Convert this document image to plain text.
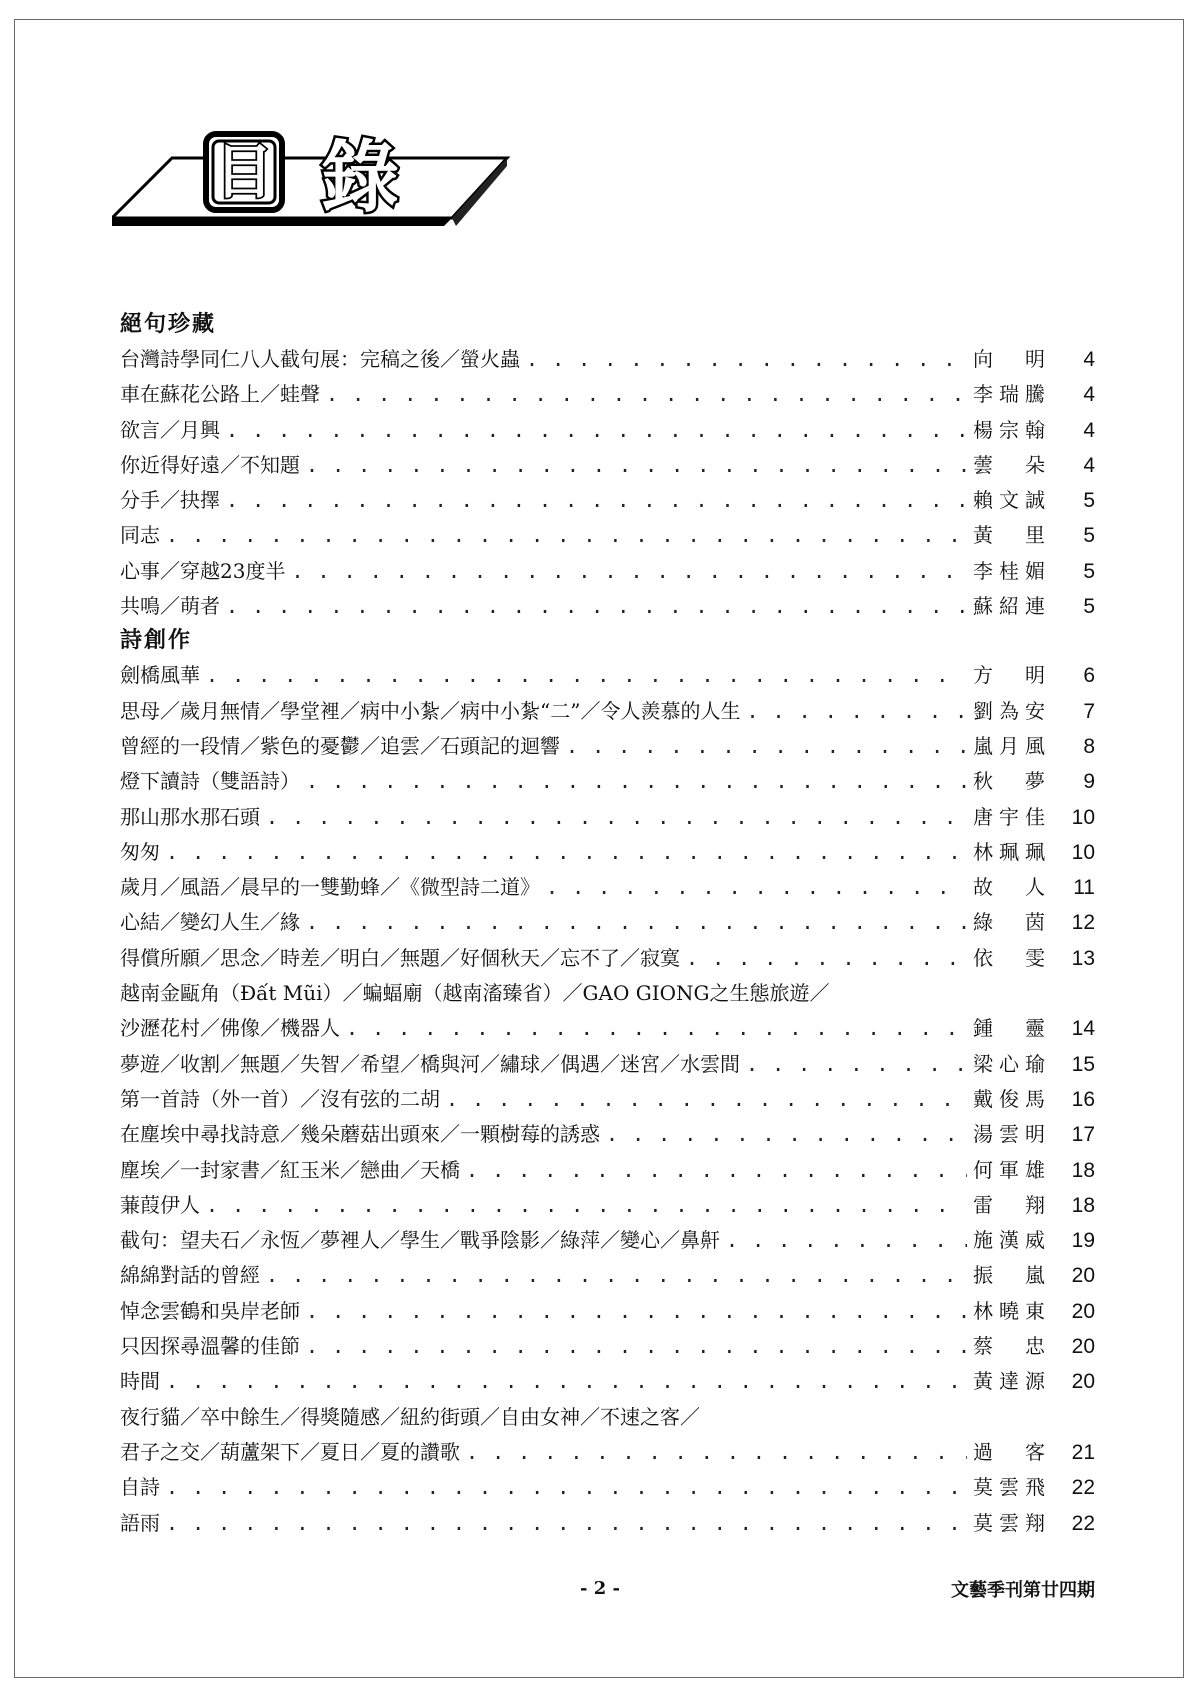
目 錄
絕句珍藏
台灣詩學同仁八人截句展：完稿之後／螢火蟲 . . .	向 明	4
車在蘇花公路上／蛙聲 . . .	李瑞騰	4
欲言／月興 . . .	楊宗翰	4
你近得好遠／不知題 . . .	蕓 朵	4
分手／抉擇 . . .	賴文誠	5
同志 . . .	黃 里	5
心事／穿越23度半 . . .	李桂媚	5
共鳴／萌者 . . .	蘇紹連	5
詩創作
劍橋風華 . . .	方 明	6
思母／歲月無情／學堂裡／病中小紮／病中小紮“二”／令人羨慕的人生 . . .	劉為安	7
曾經的一段情／紫色的憂鬱／追雲／石頭記的迴響 . . .	嵐月風	8
燈下讀詩（雙語詩） . . .	秋 夢	9
那山那水那石頭 . . .	唐宇佳	10
匆匆 . . .	林珮珮	10
歲月／風語／晨早的一雙勤蜂／《微型詩二道》 . . .	故 人	11
心結／變幻人生／緣 . . .	綠 茵	12
得償所願／思念／時差／明白／無題／好個秋天／忘不了／寂寞 . . .	依 雯	13
越南金甌角（Đất Mũi）／蝙蝠廟（越南滀臻省）／GAO GIONG之生態旅遊／
沙瀝花村／佛像／機器人 . . .	鍾 靈	14
夢遊／收割／無題／失智／希望／橋與河／繡球／偶遇／迷宮／水雲間 . . .	梁心瑜	15
第一首詩（外一首）／沒有弦的二胡 . . .	戴俊馬	16
在塵埃中尋找詩意／幾朵蘑菇出頭來／一顆樹莓的誘惑 . . .	湯雲明	17
塵埃／一封家書／紅玉米／戀曲／天橋 . . .	何軍雄	18
蒹葭伊人 . . .	雷 翔	18
截句：望夫石／永恆／夢裡人／學生／戰爭陰影／綠萍／變心／鼻鼾 . . .	施漢威	19
綿綿對話的曾經 . . .	振 嵐	20
悼念雲鶴和吳岸老師 . . .	林曉東	20
只因探尋溫馨的佳節 . . .	蔡 忠	20
時間 . . .	黃達源	20
夜行貓／卒中餘生／得獎隨感／紐約街頭／自由女神／不速之客／
君子之交／葫蘆架下／夏日／夏的讚歌 . . .	過 客	21
自詩 . . .	莫雲飛	22
語雨 . . .	莫雲翔	22
- 2 -	文藝季刊第廿四期
